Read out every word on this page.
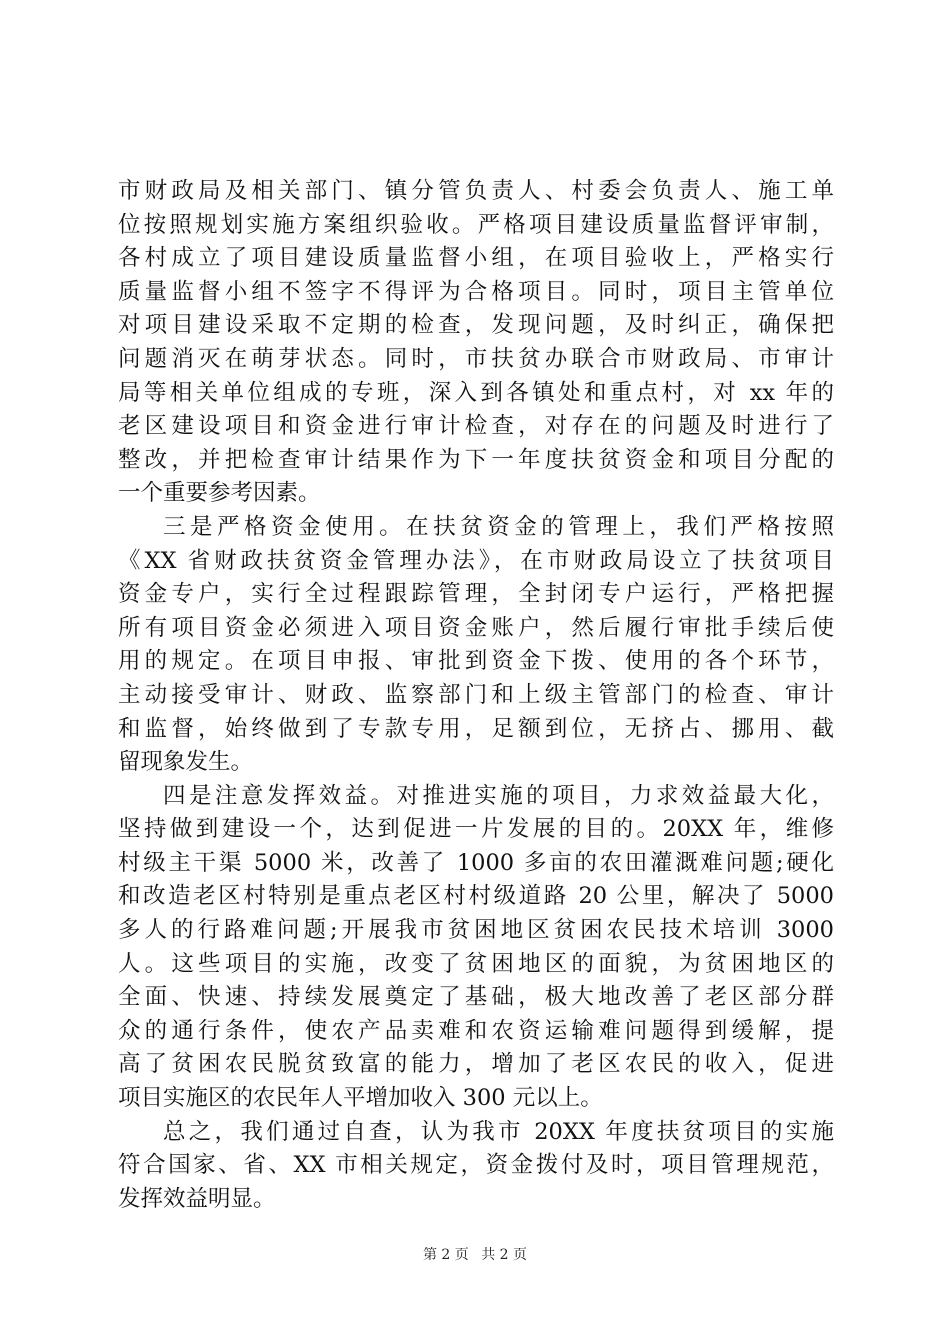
市财政局及相关部门、镇分管负责人、村委会负责人、施工单
位按照规划实施方案组织验收。严格项目建设质量监督评审制，
各村成立了项目建设质量监督小组，在项目验收上，严格实行
质量监督小组不签字不得评为合格项目。同时，项目主管单位
对项目建设采取不定期的检查，发现问题，及时纠正，确保把
问题消灭在萌芽状态。同时，市扶贫办联合市财政局、市审计
局等相关单位组成的专班，深入到各镇处和重点村，对 xx 年的
老区建设项目和资金进行审计检查，对存在的问题及时进行了
整改，并把检查审计结果作为下一年度扶贫资金和项目分配的
一个重要参考因素。
三是严格资金使用。在扶贫资金的管理上，我们严格按照
《XX 省财政扶贫资金管理办法》，在市财政局设立了扶贫项目
资金专户，实行全过程跟踪管理，全封闭专户运行，严格把握
所有项目资金必须进入项目资金账户，然后履行审批手续后使
用的规定。在项目申报、审批到资金下拨、使用的各个环节，
主动接受审计、财政、监察部门和上级主管部门的检查、审计
和监督，始终做到了专款专用，足额到位，无挤占、挪用、截
留现象发生。
四是注意发挥效益。对推进实施的项目，力求效益最大化，
坚持做到建设一个，达到促进一片发展的目的。20XX 年，维修
村级主干渠 5000 米，改善了 1000 多亩的农田灌溉难问题;硬化
和改造老区村特别是重点老区村村级道路 20 公里，解决了 5000
多人的行路难问题;开展我市贫困地区贫困农民技术培训 3000
人。这些项目的实施，改变了贫困地区的面貌，为贫困地区的
全面、快速、持续发展奠定了基础，极大地改善了老区部分群
众的通行条件，使农产品卖难和农资运输难问题得到缓解，提
高了贫困农民脱贫致富的能力，增加了老区农民的收入，促进
项目实施区的农民年人平增加收入 300 元以上。
总之，我们通过自查，认为我市 20XX 年度扶贫项目的实施
符合国家、省、XX 市相关规定，资金拨付及时，项目管理规范，
发挥效益明显。
第 2 页 共 2 页
